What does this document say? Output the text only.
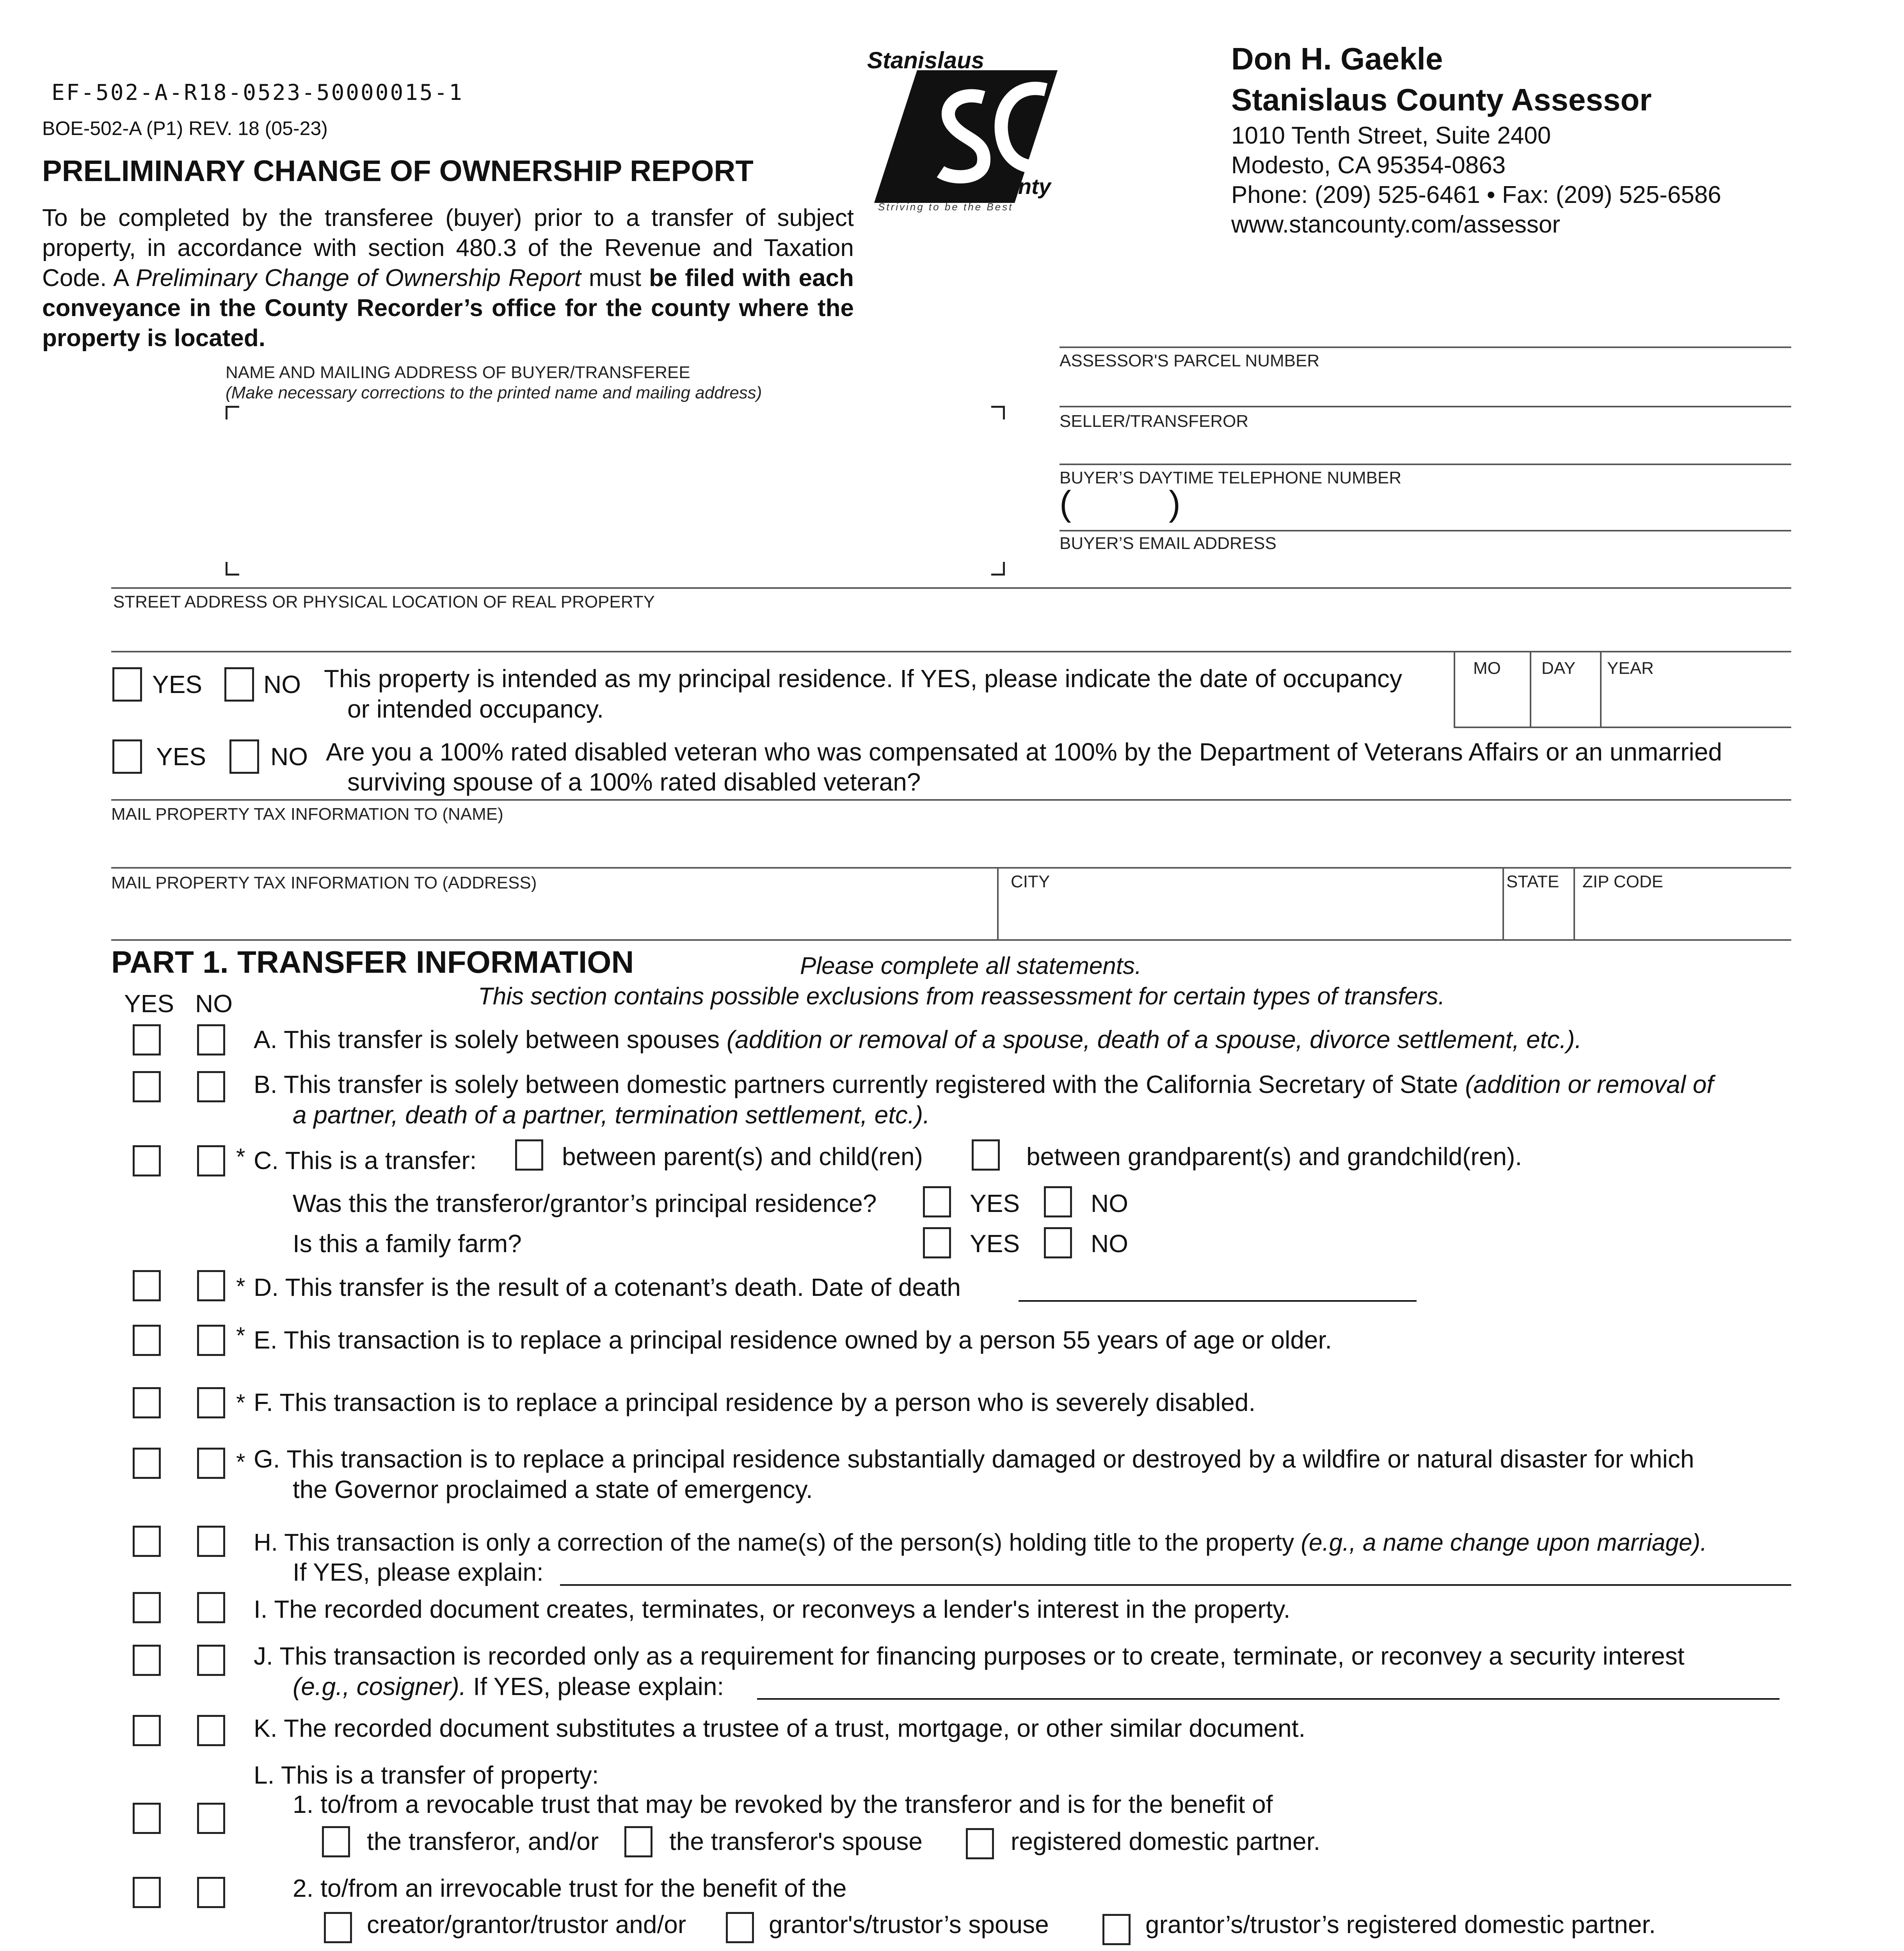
EF-502-A-R18-0523-50000015-1
BOE-502-A (P1) REV. 18 (05-23)
PRELIMINARY CHANGE OF OWNERSHIP REPORT
To be completed by the transferee (buyer) prior to a transfer of subject property, in accordance with section 480.3 of the Revenue and Taxation Code. A Preliminary Change of Ownership Report must be filed with each conveyance in the County Recorder’s office for the county where the property is located.
Stanislaus
County
Striving to be the Best
Don H. Gaekle
Stanislaus County Assessor
1010 Tenth Street, Suite 2400
Modesto, CA 95354-0863
Phone: (209) 525-6461 • Fax: (209) 525-6586
www.stancounty.com/assessor
NAME AND MAILING ADDRESS OF BUYER/TRANSFEREE
(Make necessary corrections to the printed name and mailing address)
ASSESSOR'S PARCEL NUMBER
SELLER/TRANSFEROR
BUYER’S DAYTIME TELEPHONE NUMBER
(          )
BUYER’S EMAIL ADDRESS
STREET ADDRESS OR PHYSICAL LOCATION OF REAL PROPERTY
YES NO This property is intended as my principal residence. If YES, please indicate the date of occupancy
or intended occupancy.
MO DAY YEAR
YES	NO Are you a 100% rated disabled veteran who was compensated at 100% by the Department of Veterans Affairs or an unmarried
surviving spouse of a 100% rated disabled veteran?
MAIL PROPERTY TAX INFORMATION TO (NAME)
MAIL PROPERTY TAX INFORMATION TO (ADDRESS)	CITY	STATE ZIP CODE
PART 1. TRANSFER INFORMATION	Please complete all statements.
This section contains possible exclusions from reassessment for certain types of transfers.
YES NO
A. This transfer is solely between spouses (addition or removal of a spouse, death of a spouse, divorce settlement, etc.).
B. This transfer is solely between domestic partners currently registered with the California Secretary of State (addition or removal of
a partner, death of a partner, termination settlement, etc.).
* C. This is a transfer:	between parent(s) and child(ren)	between grandparent(s) and grandchild(ren).
Was this the transferor/grantor’s principal residence?	YES	NO
Is this a family farm?	YES	NO
* D. This transfer is the result of a cotenant’s death. Date of death
* E. This transaction is to replace a principal residence owned by a person 55 years of age or older.
* F. This transaction is to replace a principal residence by a person who is severely disabled.
* G. This transaction is to replace a principal residence substantially damaged or destroyed by a wildfire or natural disaster for which
the Governor proclaimed a state of emergency.
H. This transaction is only a correction of the name(s) of the person(s) holding title to the property (e.g., a name change upon marriage).
If YES, please explain:
I. The recorded document creates, terminates, or reconveys a lender's interest in the property.
J. This transaction is recorded only as a requirement for financing purposes or to create, terminate, or reconvey a security interest
(e.g., cosigner). If YES, please explain:
K. The recorded document substitutes a trustee of a trust, mortgage, or other similar document.
L. This is a transfer of property:
1. to/from a revocable trust that may be revoked by the transferor and is for the benefit of
the transferor, and/or	the transferor's spouse	registered domestic partner.
2. to/from an irrevocable trust for the benefit of the
creator/grantor/trustor and/or	grantor's/trustor’s spouse	grantor’s/trustor’s registered domestic partner.
